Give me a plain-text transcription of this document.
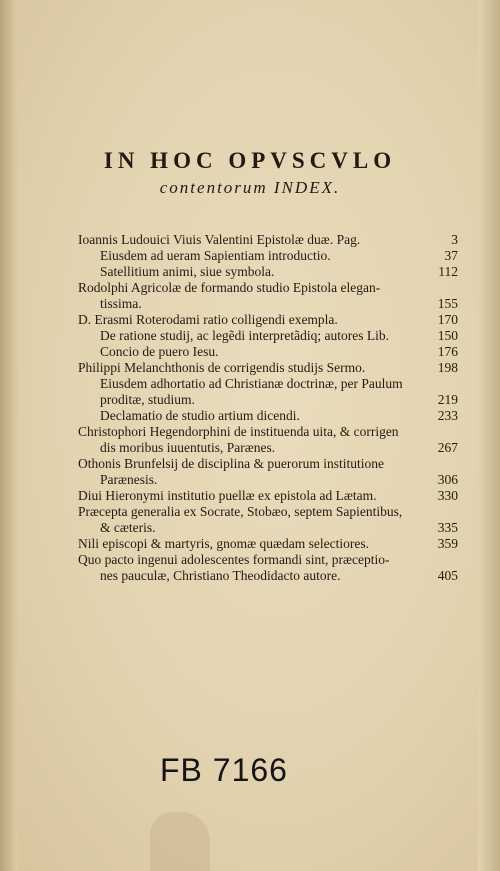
IN HOC OPVSCVLO
contentorum INDEX.
Ioannis Ludouici Viuis Valentini Epistolæ duæ. Pag.	3
Eiusdem ad ueram Sapientiam introductio.	37
Satellitium animi, siue symbola.	112
Rodolphi Agricolæ de formando studio Epistola elegan-
tissima.	155
D. Erasmi Roterodami ratio colligendi exempla.	170
De ratione studij, ac legẽdi interpretãdiq; autores Lib.	150
Concio de puero Iesu.	176
Philippi Melanchthonis de corrigendis studijs Sermo.	198
Eiusdem adhortatio ad Christianæ doctrinæ, per Paulum
proditæ, studium.	219
Declamatio de studio artium dicendi.	233
Christophori Hegendorphini de instituenda uita, & corrigen
dis moribus iuuentutis, Parænes.	267
Othonis Brunfelsij de disciplina & puerorum institutione
Parænesis.	306
Diui Hieronymi institutio puellæ ex epistola ad Lætam.	330
Præcepta generalia ex Socrate, Stobæo, septem Sapientibus,
& cæteris.	335
Nili episcopi & martyris, gnomæ quædam selectiores.	359
Quo pacto ingenui adolescentes formandi sint, præceptio-
nes pauculæ, Christiano Theodidacto autore.	405
FB 7166
